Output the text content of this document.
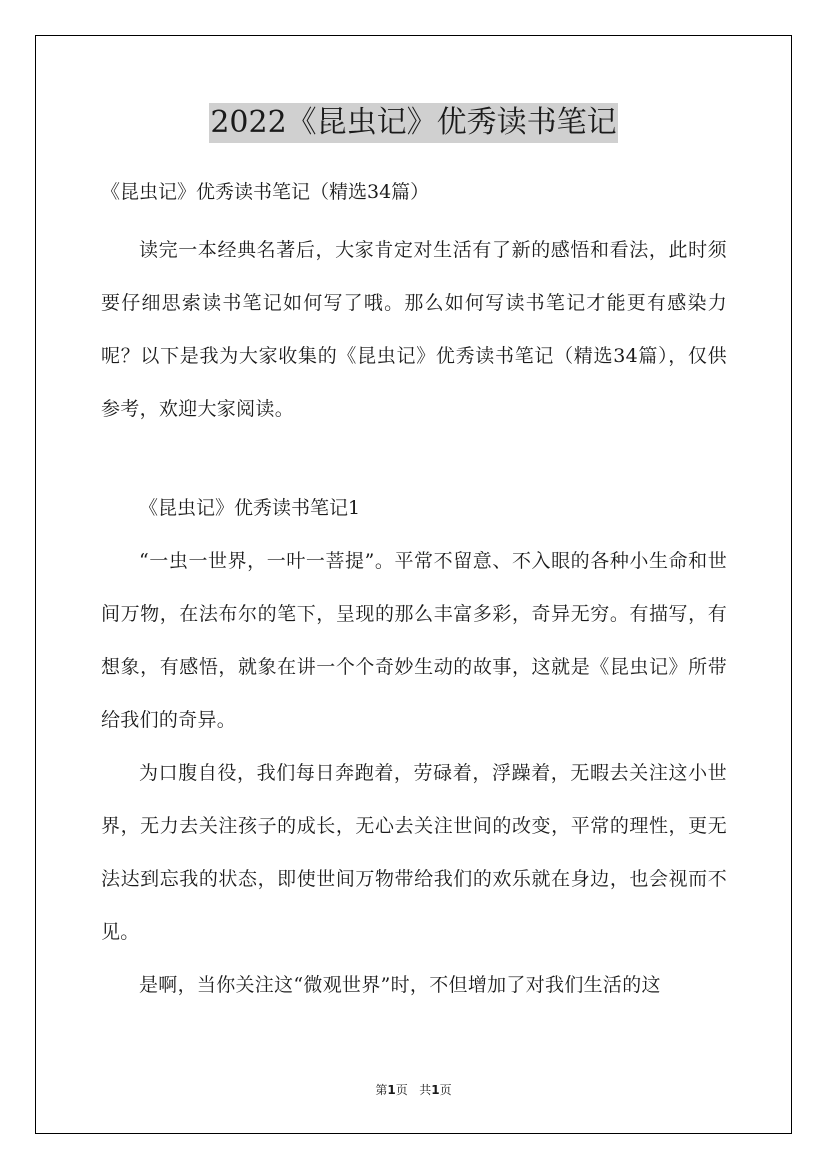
2022《昆虫记》优秀读书笔记

《昆虫记》优秀读书笔记（精选34篇）

读完一本经典名著后，大家肯定对生活有了新的感悟和看法，此时须要仔细思索读书笔记如何写了哦。那么如何写读书笔记才能更有感染力呢？以下是我为大家收集的《昆虫记》优秀读书笔记（精选34篇），仅供参考，欢迎大家阅读。

《昆虫记》优秀读书笔记1

“一虫一世界，一叶一菩提”。平常不留意、不入眼的各种小生命和世间万物，在法布尔的笔下，呈现的那么丰富多彩，奇异无穷。有描写，有想象，有感悟，就象在讲一个个奇妙生动的故事，这就是《昆虫记》所带给我们的奇异。

为口腹自役，我们每日奔跑着，劳碌着，浮躁着，无暇去关注这小世界，无力去关注孩子的成长，无心去关注世间的改变，平常的理性，更无法达到忘我的状态，即使世间万物带给我们的欢乐就在身边，也会视而不见。

是啊，当你关注这“微观世界”时，不但增加了对我们生活的这

第1页   共1页
